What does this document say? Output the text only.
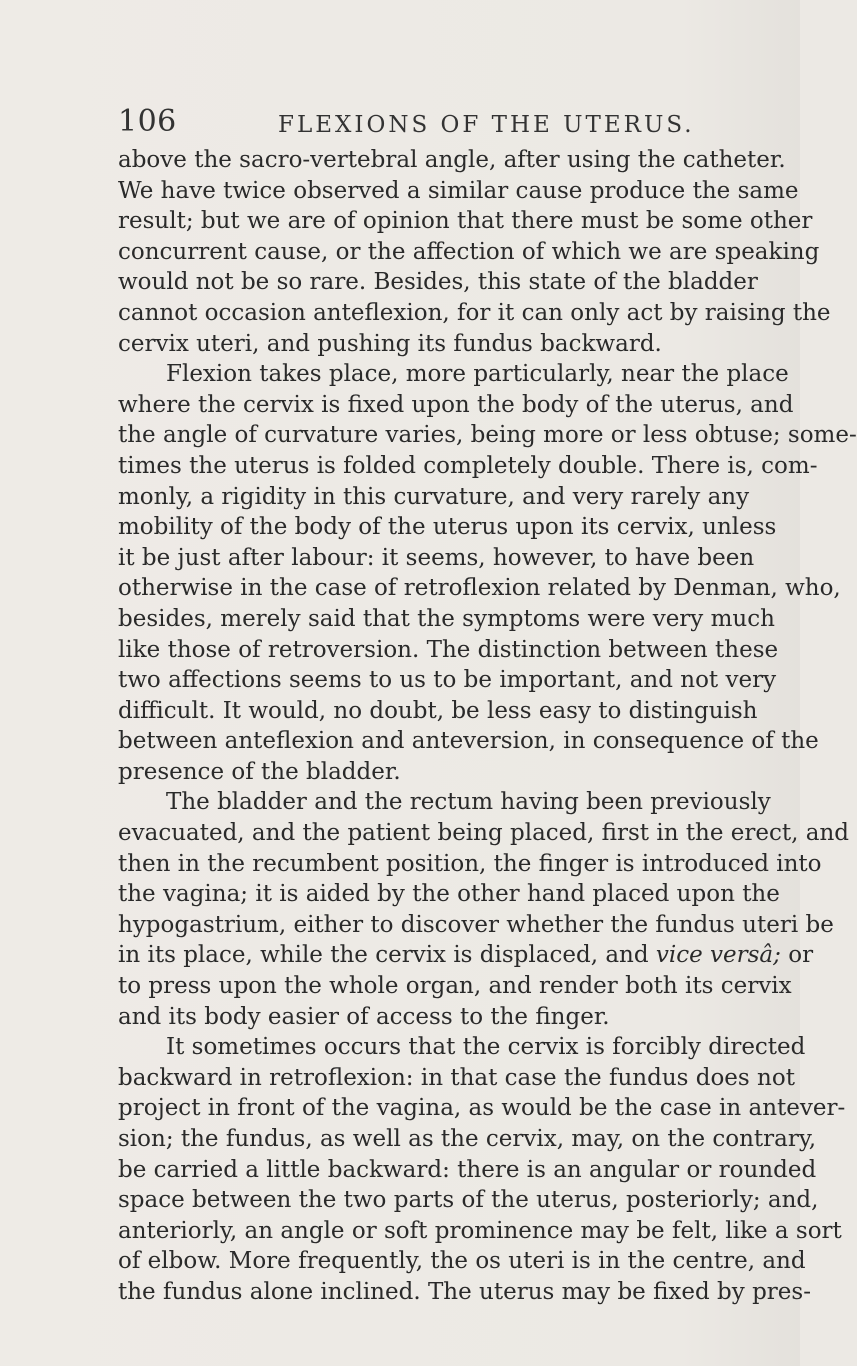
106	FLEXIONS OF THE UTERUS.
above the sacro-vertebral angle, after using the catheter.
We have twice observed a similar cause produce the same
result; but we are of opinion that there must be some other
concurrent cause, or the affection of which we are speaking
would not be so rare. Besides, this state of the bladder
cannot occasion anteflexion, for it can only act by raising the
cervix uteri, and pushing its fundus backward.
Flexion takes place, more particularly, near the place
where the cervix is fixed upon the body of the uterus, and
the angle of curvature varies, being more or less obtuse; some-
times the uterus is folded completely double. There is, com-
monly, a rigidity in this curvature, and very rarely any
mobility of the body of the uterus upon its cervix, unless
it be just after labour: it seems, however, to have been
otherwise in the case of retroflexion related by Denman, who,
besides, merely said that the symptoms were very much
like those of retroversion. The distinction between these
two affections seems to us to be important, and not very
difficult. It would, no doubt, be less easy to distinguish
between anteflexion and anteversion, in consequence of the
presence of the bladder.
The bladder and the rectum having been previously
evacuated, and the patient being placed, first in the erect, and
then in the recumbent position, the finger is introduced into
the vagina; it is aided by the other hand placed upon the
hypogastrium, either to discover whether the fundus uteri be
in its place, while the cervix is displaced, and vice versâ; or
to press upon the whole organ, and render both its cervix
and its body easier of access to the finger.
It sometimes occurs that the cervix is forcibly directed
backward in retroflexion: in that case the fundus does not
project in front of the vagina, as would be the case in antever-
sion; the fundus, as well as the cervix, may, on the contrary,
be carried a little backward: there is an angular or rounded
space between the two parts of the uterus, posteriorly; and,
anteriorly, an angle or soft prominence may be felt, like a sort
of elbow. More frequently, the os uteri is in the centre, and
the fundus alone inclined. The uterus may be fixed by pres-
